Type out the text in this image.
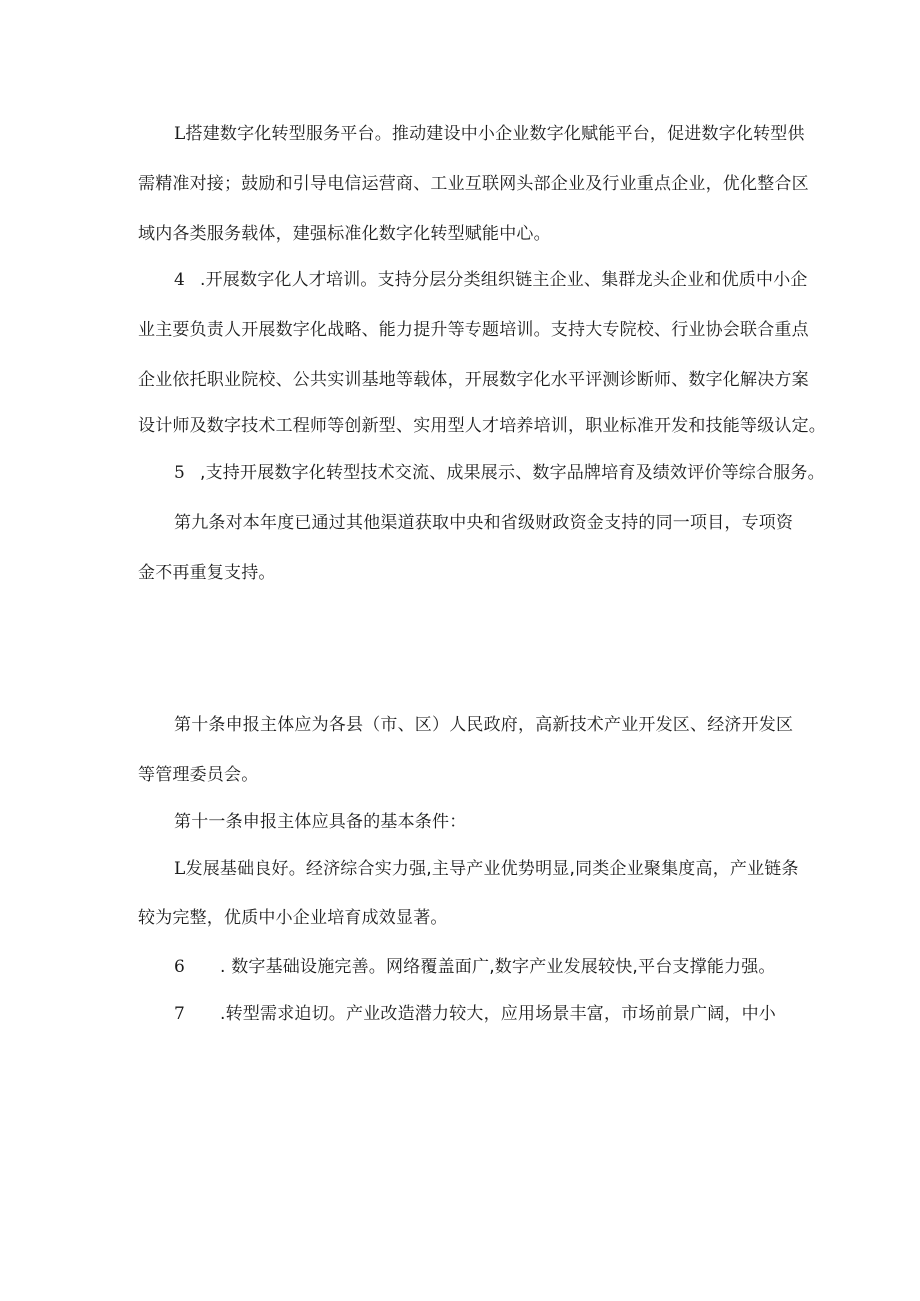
L搭建数字化转型服务平台。推动建设中小企业数字化赋能平台，促进数字化转型供
需精准对接；鼓励和引导电信运营商、工业互联网头部企业及行业重点企业，优化整合区
域内各类服务载体，建强标准化数字化转型赋能中心。
4 .开展数字化人才培训。支持分层分类组织链主企业、集群龙头企业和优质中小企
业主要负责人开展数字化战略、能力提升等专题培训。支持大专院校、行业协会联合重点
企业依托职业院校、公共实训基地等载体，开展数字化水平评测诊断师、数字化解决方案
设计师及数字技术工程师等创新型、实用型人才培养培训，职业标准开发和技能等级认定。
5 ,支持开展数字化转型技术交流、成果展示、数字品牌培育及绩效评价等综合服务。
第九条对本年度已通过其他渠道获取中央和省级财政资金支持的同一项目，专项资
金不再重复支持。
第十条申报主体应为各县（市、区）人民政府，高新技术产业开发区、经济开发区
等管理委员会。
第十一条申报主体应具备的基本条件：
L发展基础良好。经济综合实力强,主导产业优势明显,同类企业聚集度高，产业链条
较为完整，优质中小企业培育成效显著。
6 . 数字基础设施完善。网络覆盖面广,数字产业发展较快,平台支撑能力强。
7 .转型需求迫切。产业改造潜力较大，应用场景丰富，市场前景广阔，中小
